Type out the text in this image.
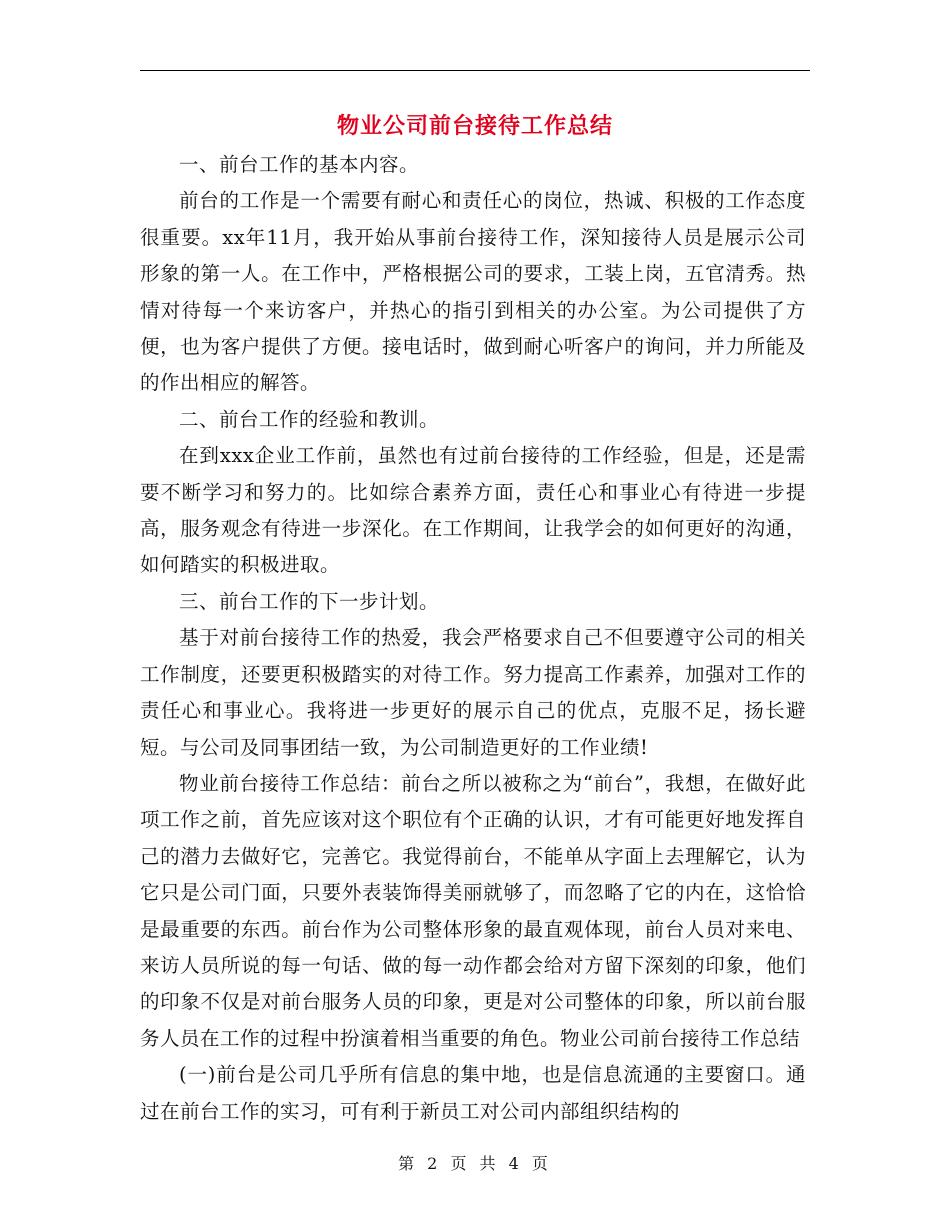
物业公司前台接待工作总结

一、前台工作的基本内容。

前台的工作是一个需要有耐心和责任心的岗位，热诚、积极的工作态度很重要。xx年11月，我开始从事前台接待工作，深知接待人员是展示公司形象的第一人。在工作中，严格根据公司的要求，工装上岗，五官清秀。热情对待每一个来访客户，并热心的指引到相关的办公室。为公司提供了方便，也为客户提供了方便。接电话时，做到耐心听客户的询问，并力所能及的作出相应的解答。

二、前台工作的经验和教训。

在到xxx企业工作前，虽然也有过前台接待的工作经验，但是，还是需要不断学习和努力的。比如综合素养方面，责任心和事业心有待进一步提高，服务观念有待进一步深化。在工作期间，让我学会的如何更好的沟通，如何踏实的积极进取。

三、前台工作的下一步计划。

基于对前台接待工作的热爱，我会严格要求自己不但要遵守公司的相关工作制度，还要更积极踏实的对待工作。努力提高工作素养，加强对工作的责任心和事业心。我将进一步更好的展示自己的优点，克服不足，扬长避短。与公司及同事团结一致，为公司制造更好的工作业绩!

物业前台接待工作总结：前台之所以被称之为“前台”，我想，在做好此项工作之前，首先应该对这个职位有个正确的认识，才有可能更好地发挥自己的潜力去做好它，完善它。我觉得前台，不能单从字面上去理解它，认为它只是公司门面，只要外表装饰得美丽就够了，而忽略了它的内在，这恰恰是最重要的东西。前台作为公司整体形象的最直观体现，前台人员对来电、来访人员所说的每一句话、做的每一动作都会给对方留下深刻的印象，他们的印象不仅是对前台服务人员的印象，更是对公司整体的印象，所以前台服务人员在工作的过程中扮演着相当重要的角色。物业公司前台接待工作总结

(一)前台是公司几乎所有信息的集中地，也是信息流通的主要窗口。通过在前台工作的实习，可有利于新员工对公司内部组织结构的

第 2 页 共 4 页
